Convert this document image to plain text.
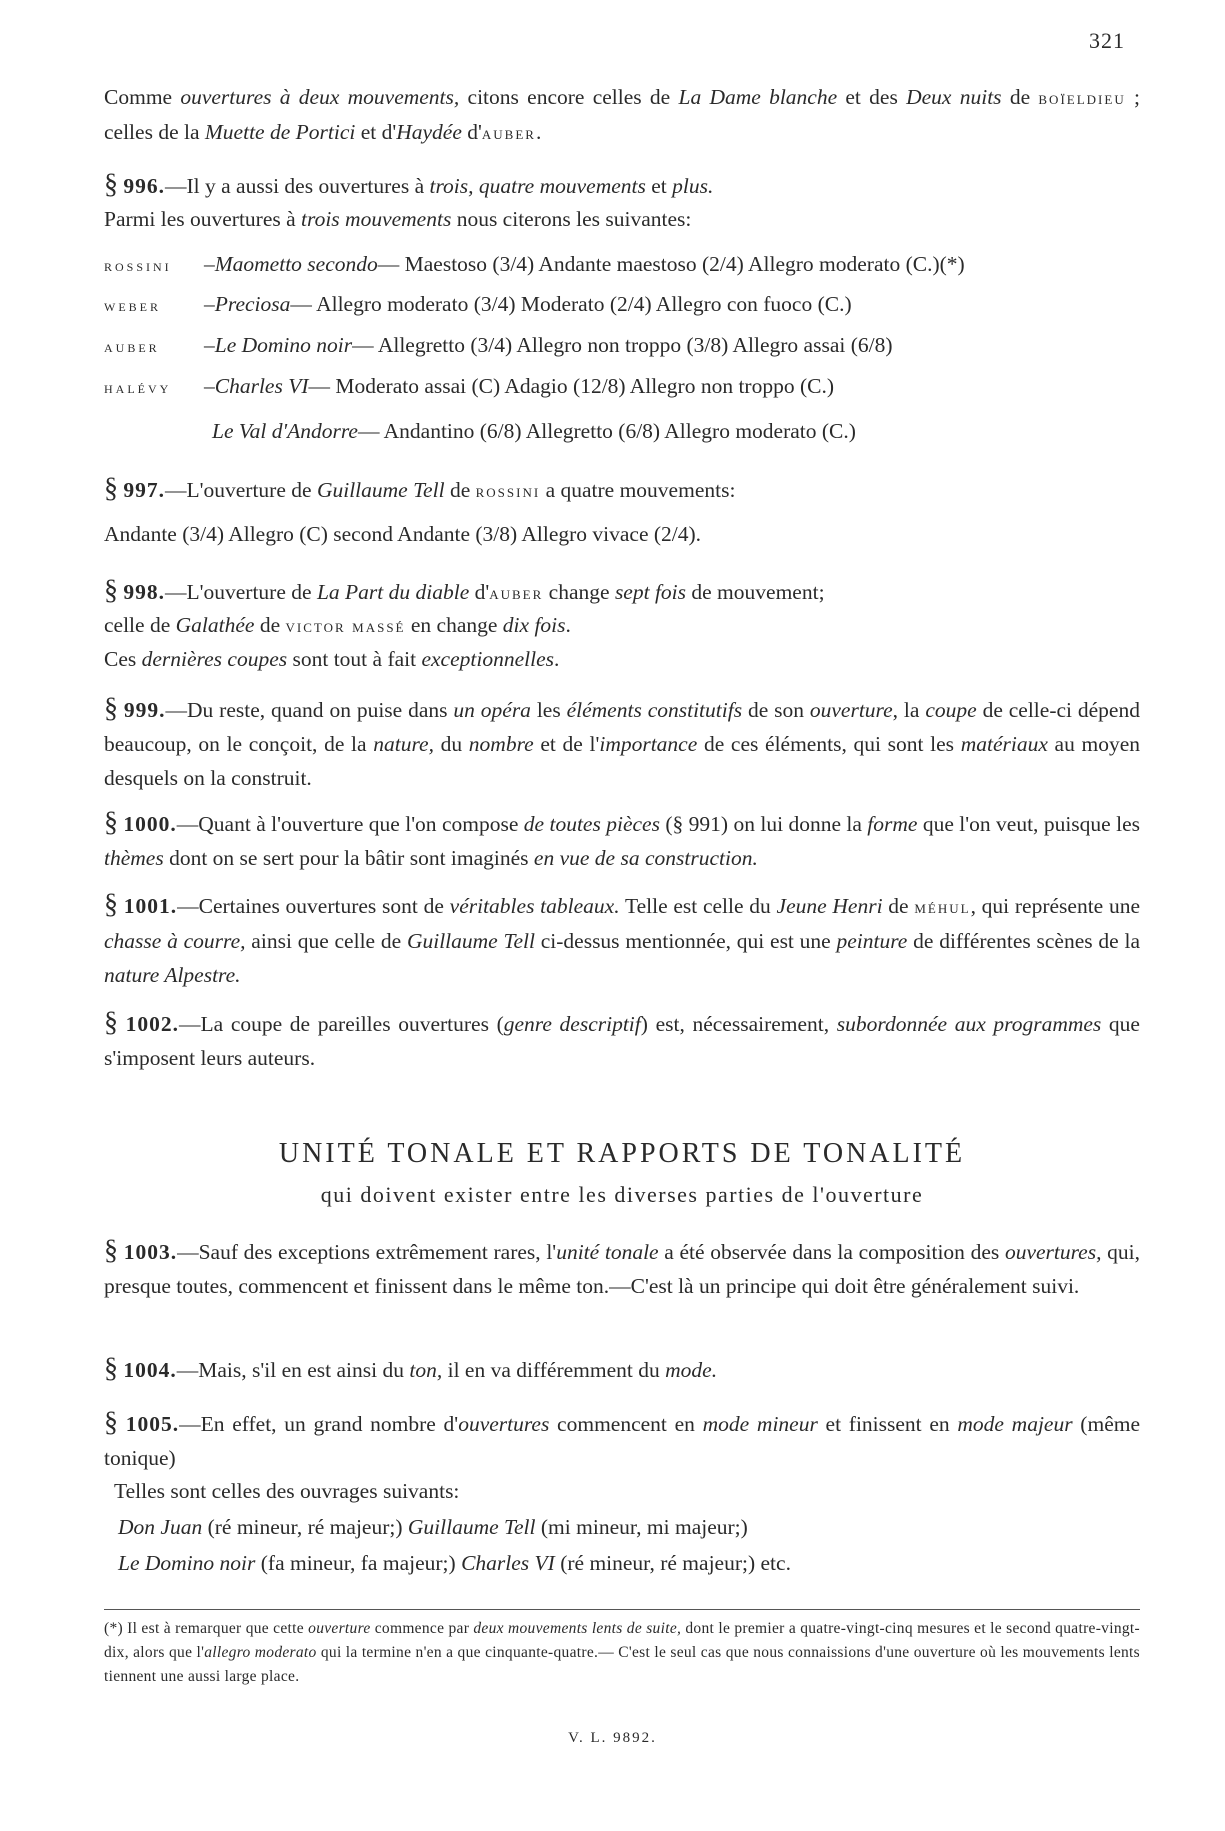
321
Comme ouvertures à deux mouvements, citons encore celles de La Dame blanche et des Deux nuits de boïeldieu ; celles de la Muette de Portici et d'Haydée d'auber.
§ 996.—Il y a aussi des ouvertures à trois, quatre mouvements et plus.
Parmi les ouvertures à trois mouvements nous citerons les suivantes:
rossini –Maometto secondo— Maestoso (3/4) Andante maestoso (2/4) Allegro moderato (C.)(*)
weber –Preciosa— Allegro moderato (3/4) Moderato (2/4) Allegro con fuoco (C.)
auber –Le Domino noir— Allegretto (3/4) Allegro non troppo (3/8) Allegro assai (6/8)
halévy –Charles VI— Moderato assai (C) Adagio (12/8) Allegro non troppo (C.)
Le Val d'Andorre— Andantino (6/8) Allegretto (6/8) Allegro moderato (C.)
§ 997.—L'ouverture de Guillaume Tell de rossini a quatre mouvements:
Andante (3/4) Allegro (C) second Andante (3/8) Allegro vivace (2/4).
§ 998.—L'ouverture de La Part du diable d'auber change sept fois de mouvement;
celle de Galathée de victor massé en change dix fois.
Ces dernières coupes sont tout à fait exceptionnelles.
§ 999.—Du reste, quand on puise dans un opéra les éléments constitutifs de son ouverture, la coupe de celle-ci dépend beaucoup, on le conçoit, de la nature, du nombre et de l'importance de ces éléments, qui sont les matériaux au moyen desquels on la construit.
§ 1000.—Quant à l'ouverture que l'on compose de toutes pièces (§ 991) on lui donne la forme que l'on veut, puisque les thèmes dont on se sert pour la bâtir sont imaginés en vue de sa construction.
§ 1001.—Certaines ouvertures sont de véritables tableaux. Telle est celle du Jeune Henri de méhul, qui représente une chasse à courre, ainsi que celle de Guillaume Tell ci-dessus mentionnée, qui est une peinture de différentes scènes de la nature Alpestre.
§ 1002.—La coupe de pareilles ouvertures (genre descriptif) est, nécessairement, subordonnée aux programmes que s'imposent leurs auteurs.
UNITÉ TONALE ET RAPPORTS DE TONALITÉ
qui doivent exister entre les diverses parties de l'ouverture
§ 1003.—Sauf des exceptions extrêmement rares, l'unité tonale a été observée dans la composition des ouvertures, qui, presque toutes, commencent et finissent dans le même ton.—C'est là un principe qui doit être généralement suivi.
§ 1004.—Mais, s'il en est ainsi du ton, il en va différemment du mode.
§ 1005.—En effet, un grand nombre d'ouvertures commencent en mode mineur et finissent en mode majeur (même tonique)
Telles sont celles des ouvrages suivants:
Don Juan (ré mineur, ré majeur;) Guillaume Tell (mi mineur, mi majeur;)
Le Domino noir (fa mineur, fa majeur;) Charles VI (ré mineur, ré majeur;) etc.
(*) Il est à remarquer que cette ouverture commence par deux mouvements lents de suite, dont le premier a quatre-vingt-cinq mesures et le second quatre-vingt-dix, alors que l'allegro moderato qui la termine n'en a que cinquante-quatre.— C'est le seul cas que nous connaissions d'une ouverture où les mouvements lents tiennent une aussi large place.
V. L. 9892.
